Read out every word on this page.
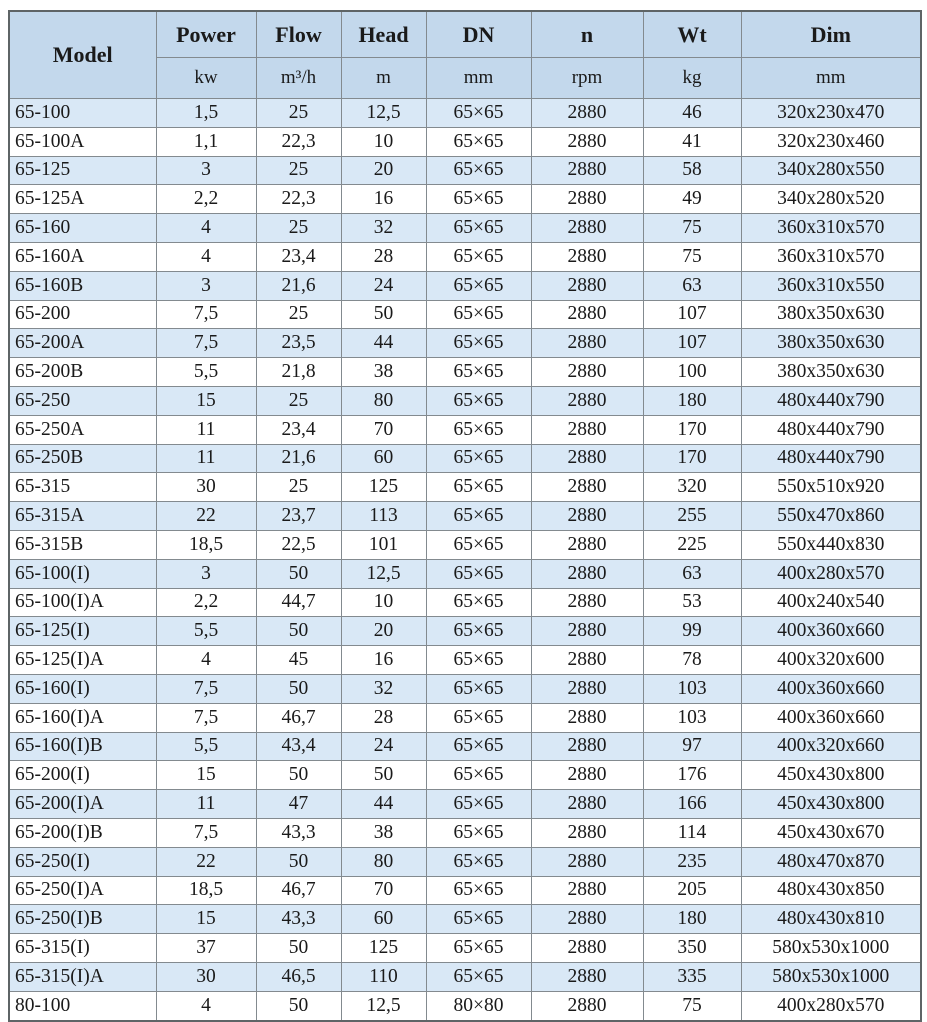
Model	Power	Flow	Head	DN	n	Wt	Dim
	kw	m³/h	m	mm	rpm	kg	mm
65-100	1,5	25	12,5	65×65	2880	46	320x230x470
65-100A	1,1	22,3	10	65×65	2880	41	320x230x460
65-125	3	25	20	65×65	2880	58	340x280x550
65-125A	2,2	22,3	16	65×65	2880	49	340x280x520
65-160	4	25	32	65×65	2880	75	360x310x570
65-160A	4	23,4	28	65×65	2880	75	360x310x570
65-160B	3	21,6	24	65×65	2880	63	360x310x550
65-200	7,5	25	50	65×65	2880	107	380x350x630
65-200A	7,5	23,5	44	65×65	2880	107	380x350x630
65-200B	5,5	21,8	38	65×65	2880	100	380x350x630
65-250	15	25	80	65×65	2880	180	480x440x790
65-250A	11	23,4	70	65×65	2880	170	480x440x790
65-250B	11	21,6	60	65×65	2880	170	480x440x790
65-315	30	25	125	65×65	2880	320	550x510x920
65-315A	22	23,7	113	65×65	2880	255	550x470x860
65-315B	18,5	22,5	101	65×65	2880	225	550x440x830
65-100(I)	3	50	12,5	65×65	2880	63	400x280x570
65-100(I)A	2,2	44,7	10	65×65	2880	53	400x240x540
65-125(I)	5,5	50	20	65×65	2880	99	400x360x660
65-125(I)A	4	45	16	65×65	2880	78	400x320x600
65-160(I)	7,5	50	32	65×65	2880	103	400x360x660
65-160(I)A	7,5	46,7	28	65×65	2880	103	400x360x660
65-160(I)B	5,5	43,4	24	65×65	2880	97	400x320x660
65-200(I)	15	50	50	65×65	2880	176	450x430x800
65-200(I)A	11	47	44	65×65	2880	166	450x430x800
65-200(I)B	7,5	43,3	38	65×65	2880	114	450x430x670
65-250(I)	22	50	80	65×65	2880	235	480x470x870
65-250(I)A	18,5	46,7	70	65×65	2880	205	480x430x850
65-250(I)B	15	43,3	60	65×65	2880	180	480x430x810
65-315(I)	37	50	125	65×65	2880	350	580x530x1000
65-315(I)A	30	46,5	110	65×65	2880	335	580x530x1000
80-100	4	50	12,5	80×80	2880	75	400x280x570
